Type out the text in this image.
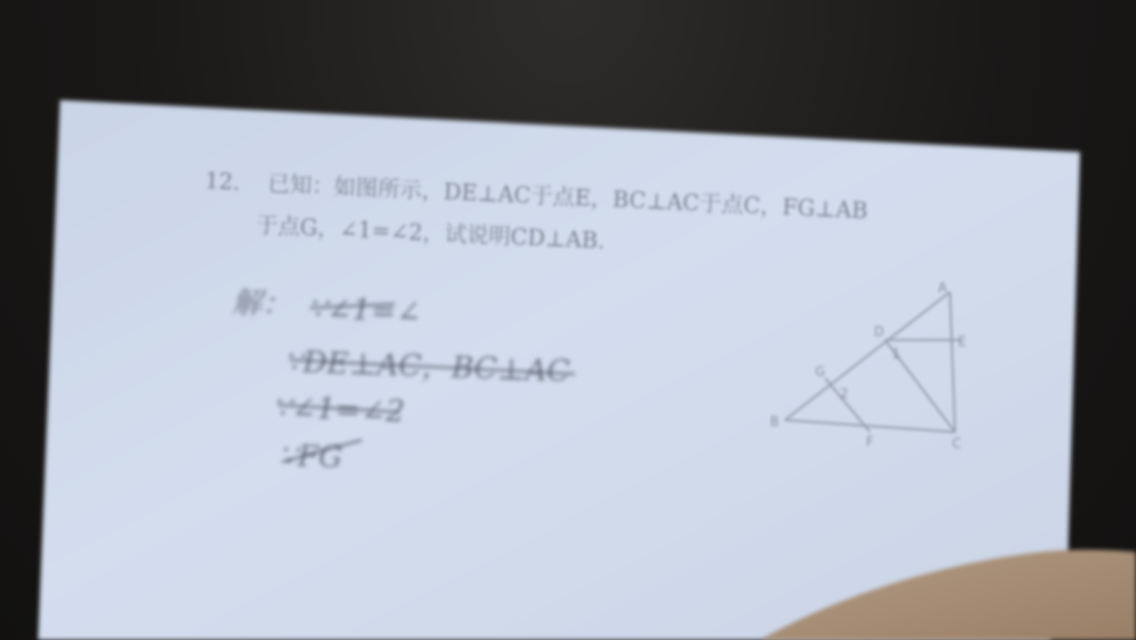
12. 已知：如图所示，DE⊥AC于点E，BC⊥AC于点C，FG⊥AB
于点G，∠1=∠2，试说明CD⊥AB.
解： ∵∠1=∠
∵DE⊥AC，BC⊥AC
∵∠1=∠2
∵FG
A
B
C
D
E
F
G
1
2
